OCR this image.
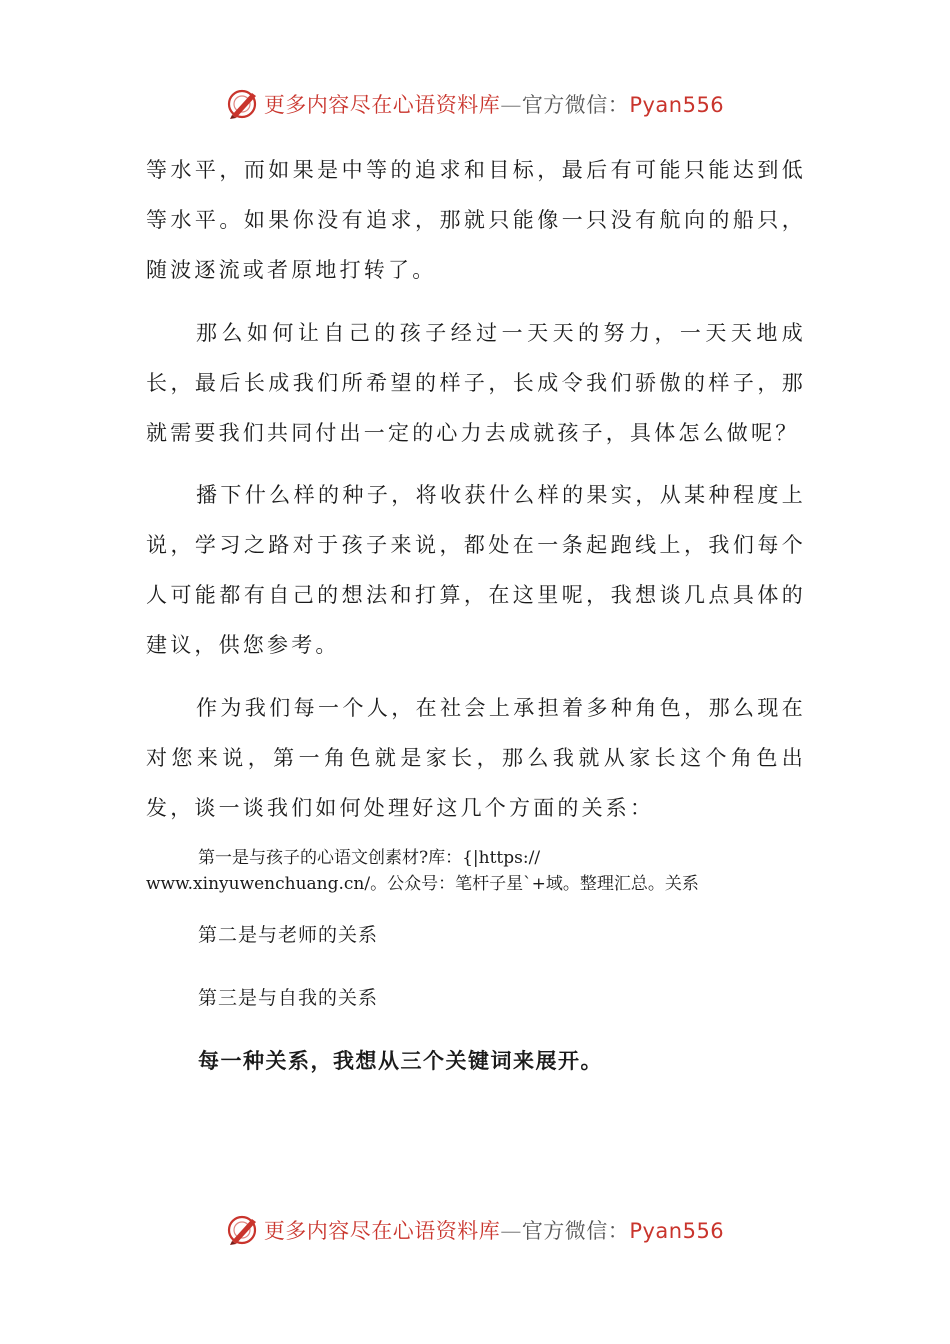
更多内容尽在心语资料库—官方微信：Pyan556

等水平，而如果是中等的追求和目标，最后有可能只能达到低等水平。如果你没有追求，那就只能像一只没有航向的船只，随波逐流或者原地打转了。

那么如何让自己的孩子经过一天天的努力，一天天地成长，最后长成我们所希望的样子，长成令我们骄傲的样子，那就需要我们共同付出一定的心力去成就孩子，具体怎么做呢？

播下什么样的种子，将收获什么样的果实，从某种程度上说，学习之路对于孩子来说，都处在一条起跑线上，我们每个人可能都有自己的想法和打算，在这里呢，我想谈几点具体的建议，供您参考。

作为我们每一个人，在社会上承担着多种角色，那么现在对您来说，第一角色就是家长，那么我就从家长这个角色出发，谈一谈我们如何处理好这几个方面的关系：

第一是与孩子的心语文创素材?库：{|https://
www.xinyuwenchuang.cn/。公众号：笔杆子星`+域。整理汇总。关系

第二是与老师的关系

第三是与自我的关系

每一种关系，我想从三个关键词来展开。

更多内容尽在心语资料库—官方微信：Pyan556
